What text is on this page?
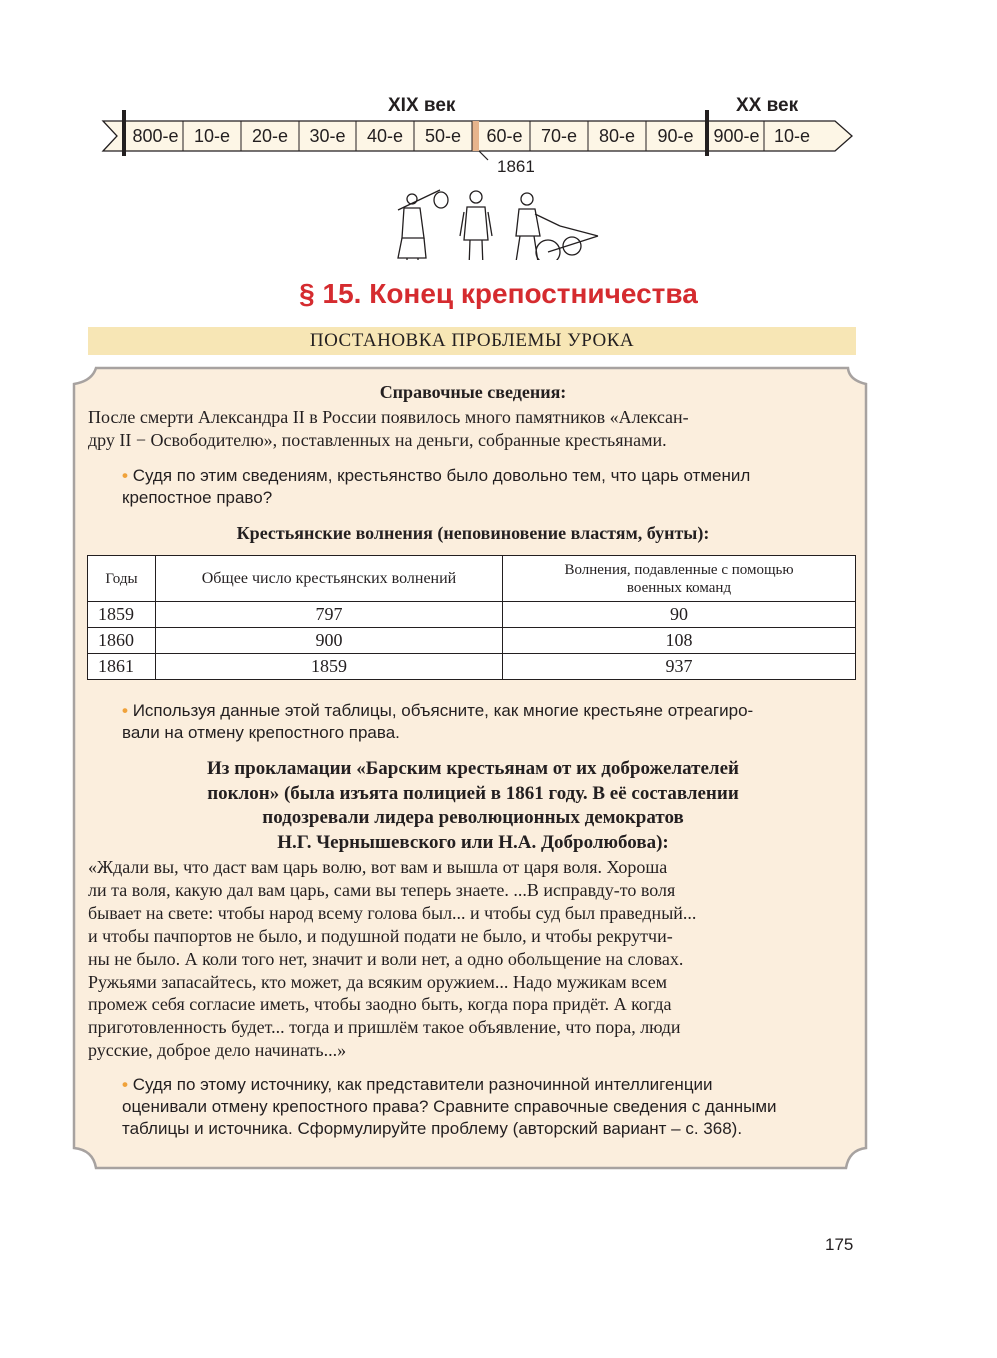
XIX век	XX век
800-е 10-е	20-е	30-е	40-е	50-е	60-е	70-е	80-е	90-е	900-е 10-е
1861
§ 15. Конец крепостничества
ПОСТАНОВКА ПРОБЛЕМЫ УРОКА
Справочные сведения:
После смерти Александра II в России появилось много памятников «Алексан-
дру II − Освободителю», поставленных на деньги, собранные крестьянами.
• Судя по этим сведениям, крестьянство было довольно тем, что царь отменил
крепостное право?
Крестьянские волнения (неповиновение властям, бунты):
Годы	Общее число крестьянских волнений	Волнения, подавленные с помощью
военных команд

1859	797	90
1860	900	108
1861	1859	937
• Используя данные этой таблицы, объясните, как многие крестьяне отреагиро-
вали на отмену крепостного права.
Из прокламации «Барским крестьянам от их доброжелателей
поклон» (была изъята полицией в 1861 году. В её составлении
подозревали лидера революционных демократов
Н.Г. Чернышевского или Н.А. Добролюбова):
«Ждали вы, что даст вам царь волю, вот вам и вышла от царя воля. Хороша
ли та воля, какую дал вам царь, сами вы теперь знаете. ...В исправду-то воля
бывает на свете: чтобы народ всему голова был... и чтобы суд был праведный...
и чтобы пачпортов не было, и подушной подати не было, и чтобы рекрутчи-
ны не было. А коли того нет, значит и воли нет, а одно обольщение на словах.
Ружьями запасайтесь, кто может, да всяким оружием... Надо мужикам всем
промеж себя согласие иметь, чтобы заодно быть, когда пора придёт. А когда
приготовленность будет... тогда и пришлём такое объявление, что пора, люди
русские, доброе дело начинать...»
• Судя по этому источнику, как представители разночинной интеллигенции
оценивали отмену крепостного права? Сравните справочные сведения с данными
таблицы и источника. Сформулируйте проблему (авторский вариант – с. 368).
175
